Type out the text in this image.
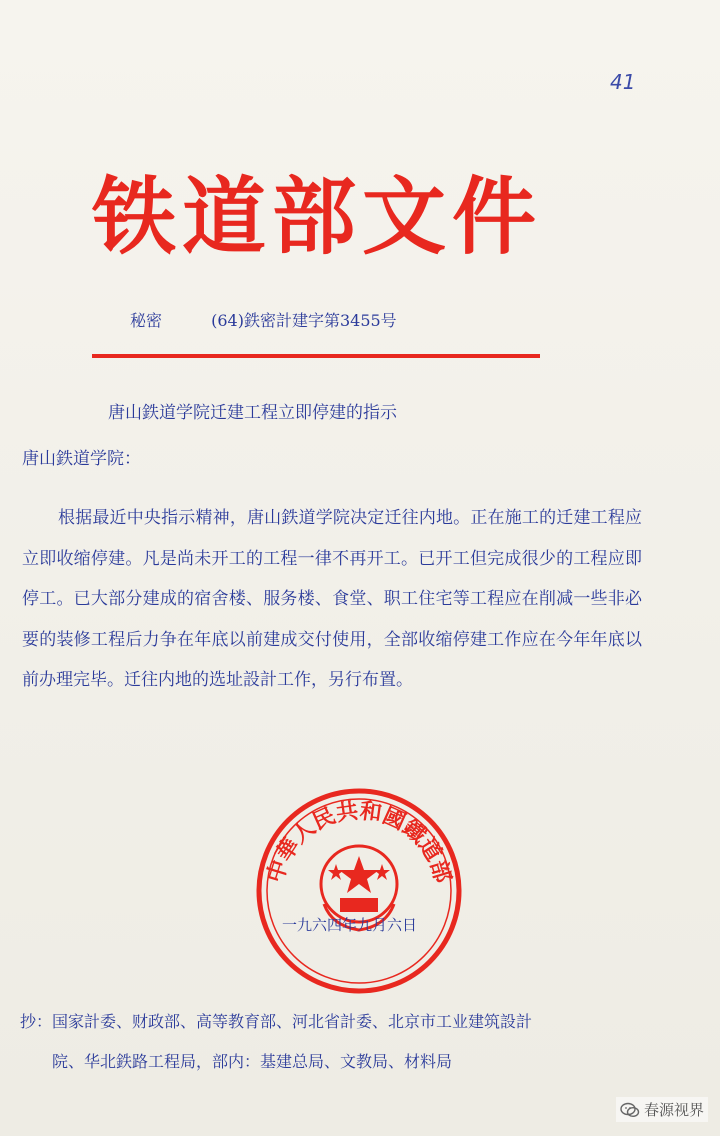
41
铁道部文件
秘密	(64)鉄密計建字第3455号
唐山鉄道学院迁建工程立即停建的指示
唐山鉄道学院：
根据最近中央指示精神，唐山鉄道学院决定迁往内地。正在施工的迁建工程应立即收缩停建。凡是尚未开工的工程一律不再开工。已开工但完成很少的工程应即停工。已大部分建成的宿舍楼、服务楼、食堂、职工住宅等工程应在削减一些非必要的装修工程后力争在年底以前建成交付使用，全部收缩停建工作应在今年年底以前办理完毕。迁往内地的选址設計工作，另行布置。
中華人民共和國鐵道部
一九六四年九月六日
抄：国家計委、财政部、高等教育部、河北省計委、北京市工业建筑設計
院、华北鉄路工程局，部内：基建总局、文教局、材料局
春源视界
